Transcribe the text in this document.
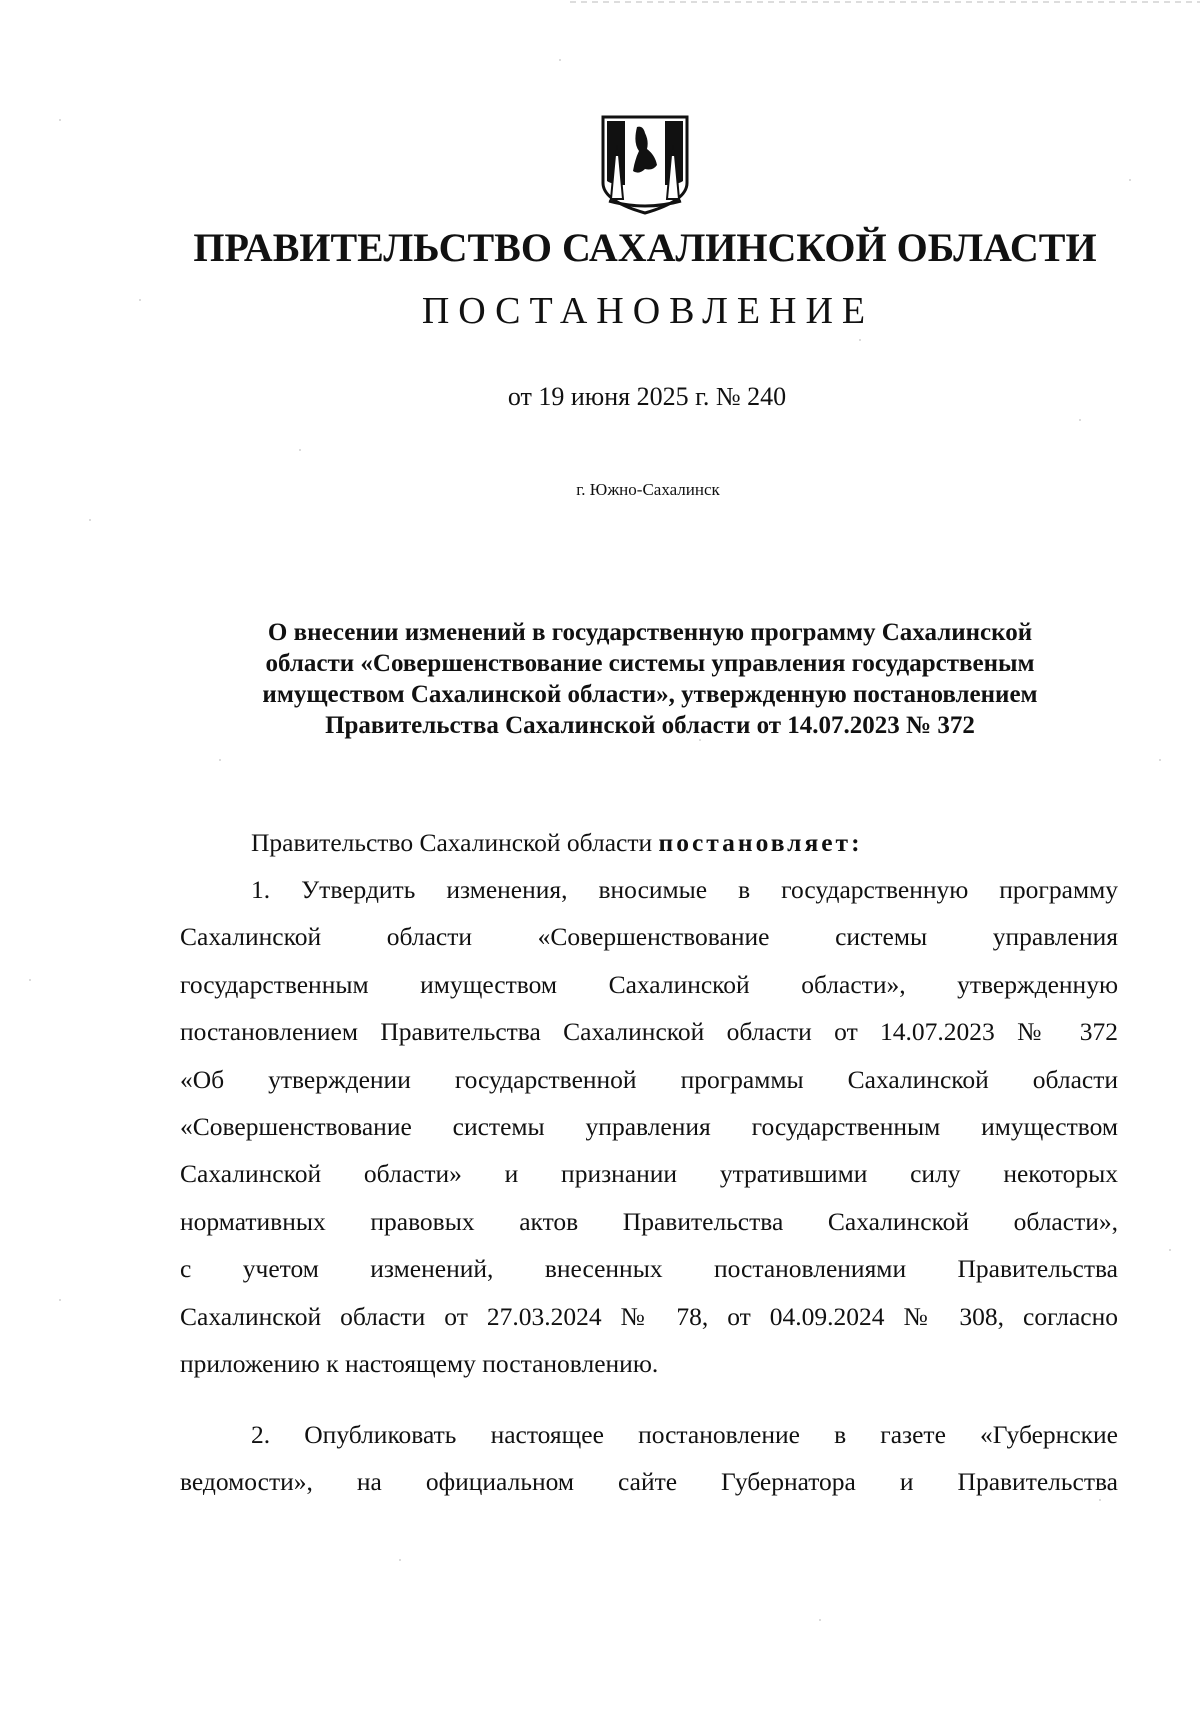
ПРАВИТЕЛЬСТВО САХАЛИНСКОЙ ОБЛАСТИ
ПОСТАНОВЛЕНИЕ
от 19 июня 2025 г. № 240
г. Южно-Сахалинск
О внесении изменений в государственную программу Сахалинской
области «Совершенствование системы управления государственым
имуществом Сахалинской области», утвержденную постановлением
Правительства Сахалинской области от 14.07.2023 № 372
Правительство Сахалинской области постановляет:
1. Утвердить изменения, вносимые в государственную программу
Сахалинской области «Совершенствование системы управления
государственным имуществом Сахалинской области», утвержденную
постановлением Правительства Сахалинской области от 14.07.2023 № 372
«Об утверждении государственной программы Сахалинской области
«Совершенствование системы управления государственным имуществом
Сахалинской области» и признании утратившими силу некоторых
нормативных правовых актов Правительства Сахалинской области»,
с учетом изменений, внесенных постановлениями Правительства
Сахалинской области от 27.03.2024 № 78, от 04.09.2024 № 308, согласно
приложению к настоящему постановлению.
2. Опубликовать настоящее постановление в газете «Губернские
ведомости», на официальном сайте Губернатора и Правительства
